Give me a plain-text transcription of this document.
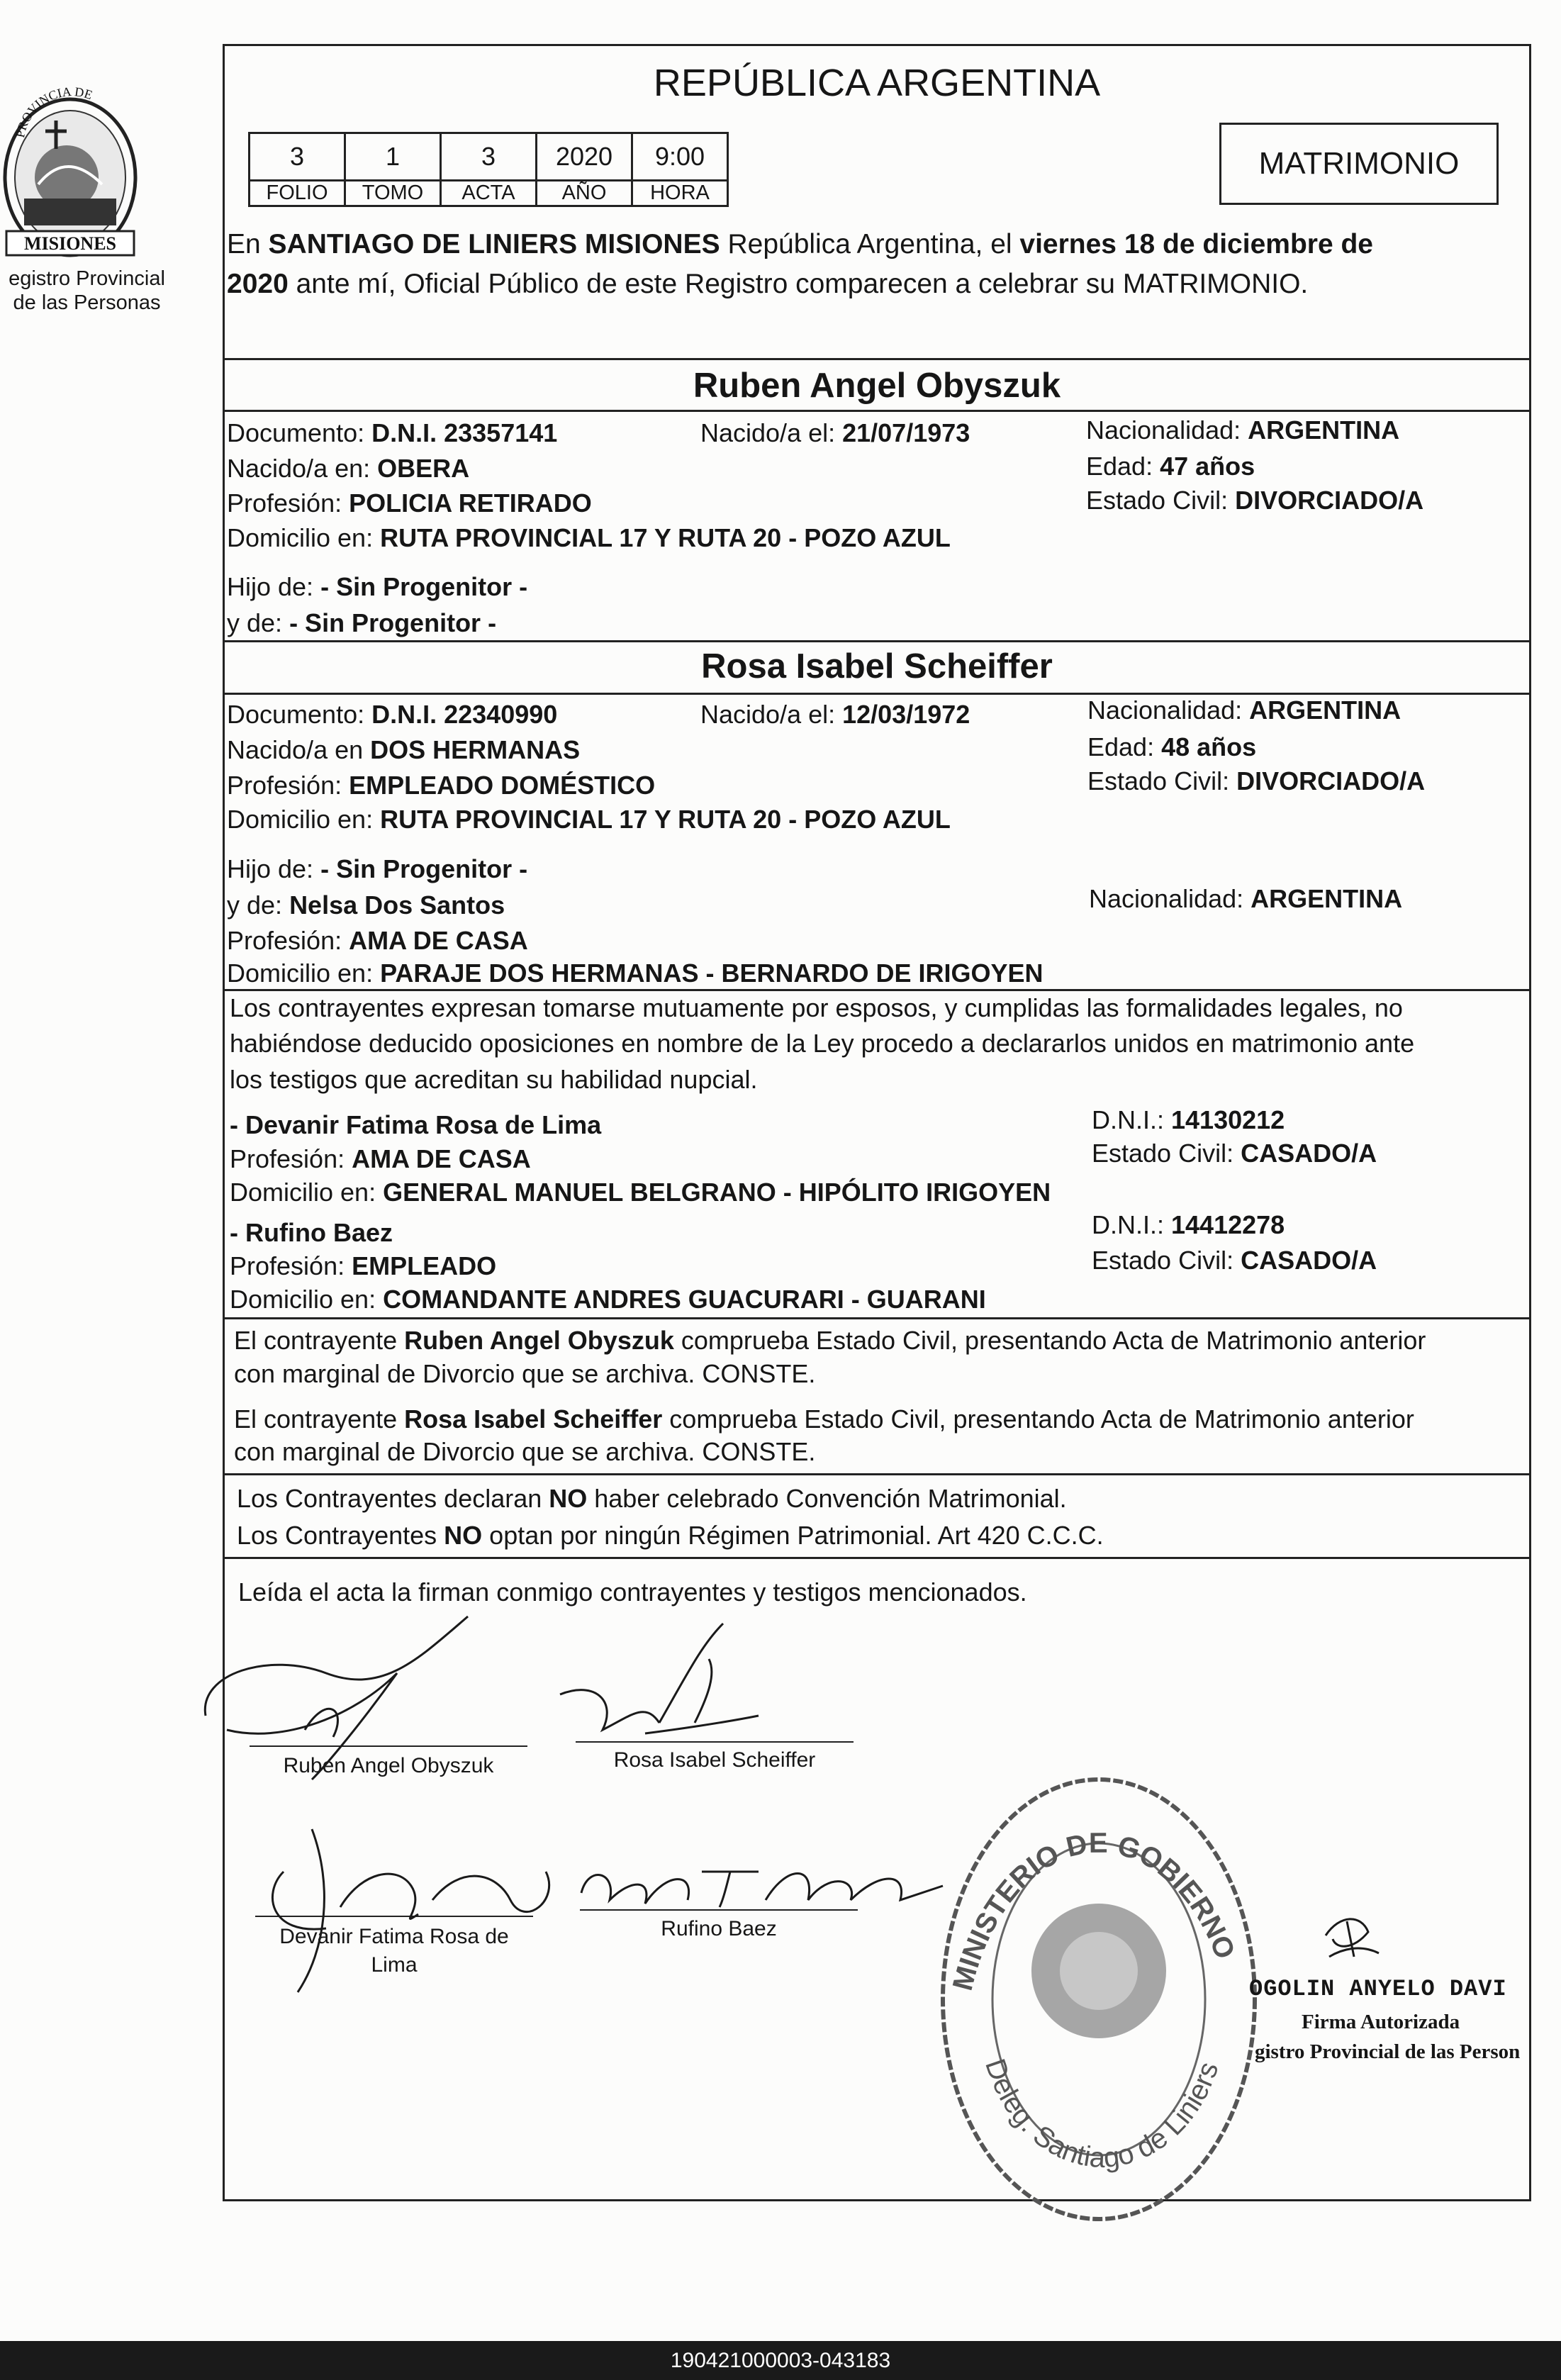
PROVINCIA DE
MISIONES
egistro Provincial
de las Personas
REPÚBLICA ARGENTINA
3	1	3	2020	9:00
FOLIO	TOMO	ACTA	AÑO	HORA
MATRIMONIO
En SANTIAGO DE LINIERS MISIONES República Argentina, el viernes 18 de diciembre de
2020 ante mí, Oficial Público de este Registro comparecen a celebrar su MATRIMONIO.
Ruben Angel Obyszuk
Documento: D.N.I. 23357141	Nacido/a el: 21/07/1973	Nacionalidad: ARGENTINA
Nacido/a en: OBERA	Edad: 47 años
Profesión: POLICIA RETIRADO	Estado Civil: DIVORCIADO/A
Domicilio en: RUTA PROVINCIAL 17 Y RUTA 20 - POZO AZUL
Hijo de: - Sin Progenitor -
y de: - Sin Progenitor -
Rosa Isabel Scheiffer
Documento: D.N.I. 22340990	Nacido/a el: 12/03/1972	Nacionalidad: ARGENTINA
Nacido/a en DOS HERMANAS	Edad: 48 años
Profesión: EMPLEADO DOMÉSTICO	Estado Civil: DIVORCIADO/A
Domicilio en: RUTA PROVINCIAL 17 Y RUTA 20 - POZO AZUL
Hijo de: - Sin Progenitor -
y de: Nelsa Dos Santos	Nacionalidad: ARGENTINA
Profesión: AMA DE CASA
Domicilio en: PARAJE DOS HERMANAS - BERNARDO DE IRIGOYEN
Los contrayentes expresan tomarse mutuamente por esposos, y cumplidas las formalidades legales, no
habiéndose deducido oposiciones en nombre de la Ley procedo a declararlos unidos en matrimonio ante
los testigos que acreditan su habilidad nupcial.
- Devanir Fatima Rosa de Lima	D.N.I.: 14130212
Profesión: AMA DE CASA	Estado Civil: CASADO/A
Domicilio en: GENERAL MANUEL BELGRANO - HIPÓLITO IRIGOYEN
- Rufino Baez	D.N.I.: 14412278
Profesión: EMPLEADO	Estado Civil: CASADO/A
Domicilio en: COMANDANTE ANDRES GUACURARI - GUARANI
El contrayente Ruben Angel Obyszuk comprueba Estado Civil, presentando Acta de Matrimonio anterior
con marginal de Divorcio que se archiva. CONSTE.
El contrayente Rosa Isabel Scheiffer comprueba Estado Civil, presentando Acta de Matrimonio anterior
con marginal de Divorcio que se archiva. CONSTE.
Los Contrayentes declaran NO haber celebrado Convención Matrimonial.
Los Contrayentes NO optan por ningún Régimen Patrimonial. Art 420 C.C.C.
Leída el acta la firman conmigo contrayentes y testigos mencionados.
Ruben Angel Obyszuk	Rosa Isabel Scheiffer
Devanir Fatima Rosa de
Lima
Rufino Baez
MINISTERIO DE GOBIERNO
Deleg. Santiago de Liniers
OGOLIN ANYELO DAVI
Firma Autorizada
gistro Provincial de las Person
190421000003-043183
